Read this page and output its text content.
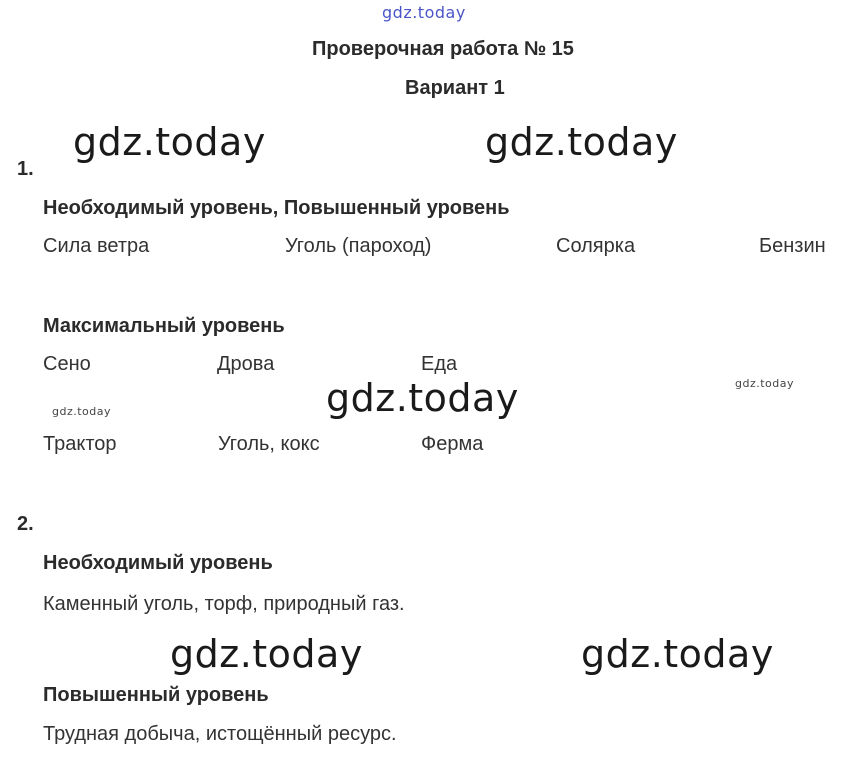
gdz.today
gdz.today	gdz.today
gdz.today	gdz.today
gdz.today
gdz.today	gdz.today
Проверочная работа № 15
Вариант 1
1.
Необходимый уровень, Повышенный уровень
Сила ветра	Уголь (пароход)	Солярка	Бензин
Максимальный уровень
Сено	Дрова	Еда
Трактор	Уголь, кокс	Ферма
2.
Необходимый уровень
Каменный уголь, торф, природный газ.
Повышенный уровень
Трудная добыча, истощённый ресурс.
